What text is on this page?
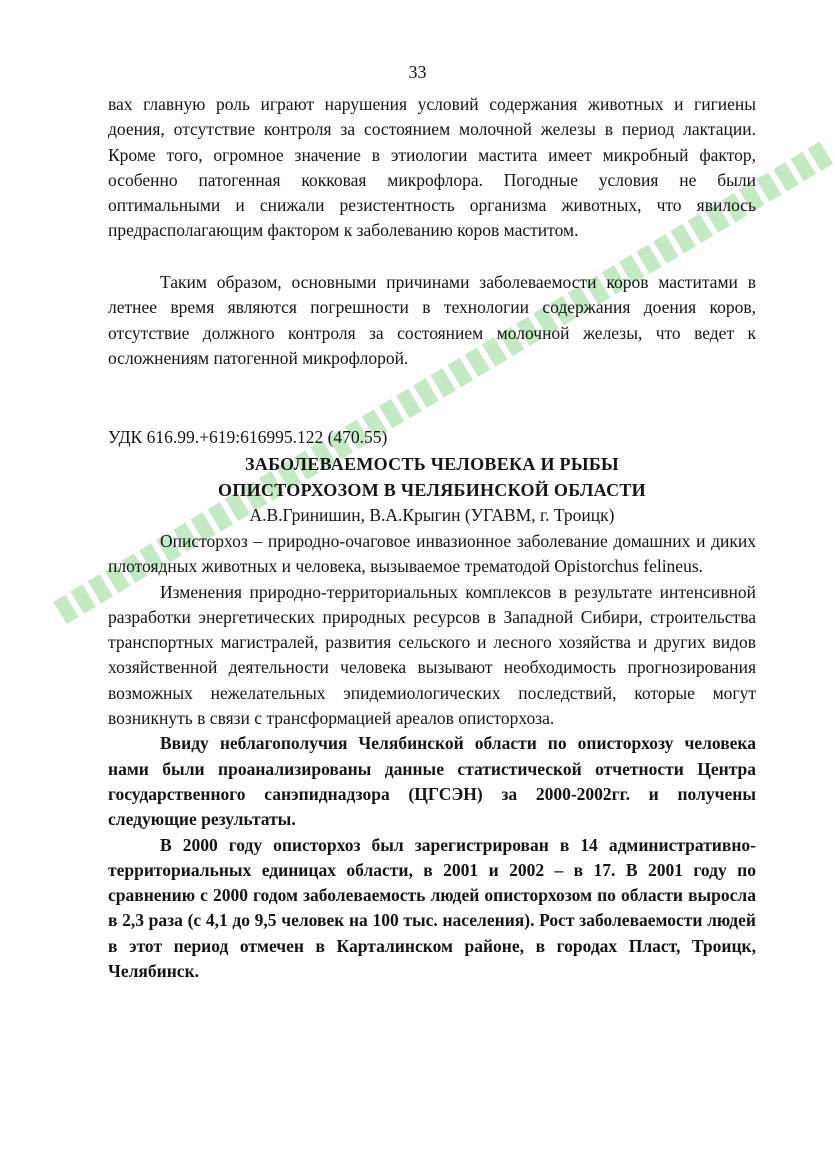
33

вах главную роль играют нарушения условий содержания животных и гигиены доения, отсутствие контроля за состоянием молочной железы в период лактации. Кроме того, огромное значение в этиологии мастита имеет микробный фактор, особенно патогенная кокковая микрофлора. Погодные условия не были оптимальными и снижали резистентность организма животных, что явилось предрасполагающим фактором к заболеванию коров маститом.

Таким образом, основными причинами заболеваемости коров маститами в летнее время являются погрешности в технологии содержания доения коров, отсутствие должного контроля за состоянием молочной железы, что ведет к осложнениям патогенной микрофлорой.

УДК 616.99.+619:616995.122 (470.55)
ЗАБОЛЕВАЕМОСТЬ ЧЕЛОВЕКА И РЫБЫ
ОПИСТОРХОЗОМ В ЧЕЛЯБИНСКОЙ ОБЛАСТИ
А.В.Гринишин, В.А.Крыгин (УГАВМ, г. Троицк)

Описторхоз – природно-очаговое инвазионное заболевание домашних и диких плотоядных животных и человека, вызываемое трематодой Opistorchus felineus.

Изменения природно-территориальных комплексов в результате интенсивной разработки энергетических природных ресурсов в Западной Сибири, строительства транспортных магистралей, развития сельского и лесного хозяйства и других видов хозяйственной деятельности человека вызывают необходимость прогнозирования возможных нежелательных эпидемиологических последствий, которые могут возникнуть в связи с трансформацией ареалов описторхоза.

Ввиду неблагополучия Челябинской области по описторхозу человека нами были проанализированы данные статистической отчетности Центра государственного санэпиднадзора (ЦГСЭН) за 2000-2002гг. и получены следующие результаты.

В 2000 году описторхоз был зарегистрирован в 14 административно-территориальных единицах области, в 2001 и 2002 – в 17. В 2001 году по сравнению с 2000 годом заболеваемость людей описторхозом по области выросла в 2,3 раза (с 4,1 до 9,5 человек на 100 тыс. населения). Рост заболеваемости людей в этот период отмечен в Карталинском районе, в городах Пласт, Троицк, Челябинск.
